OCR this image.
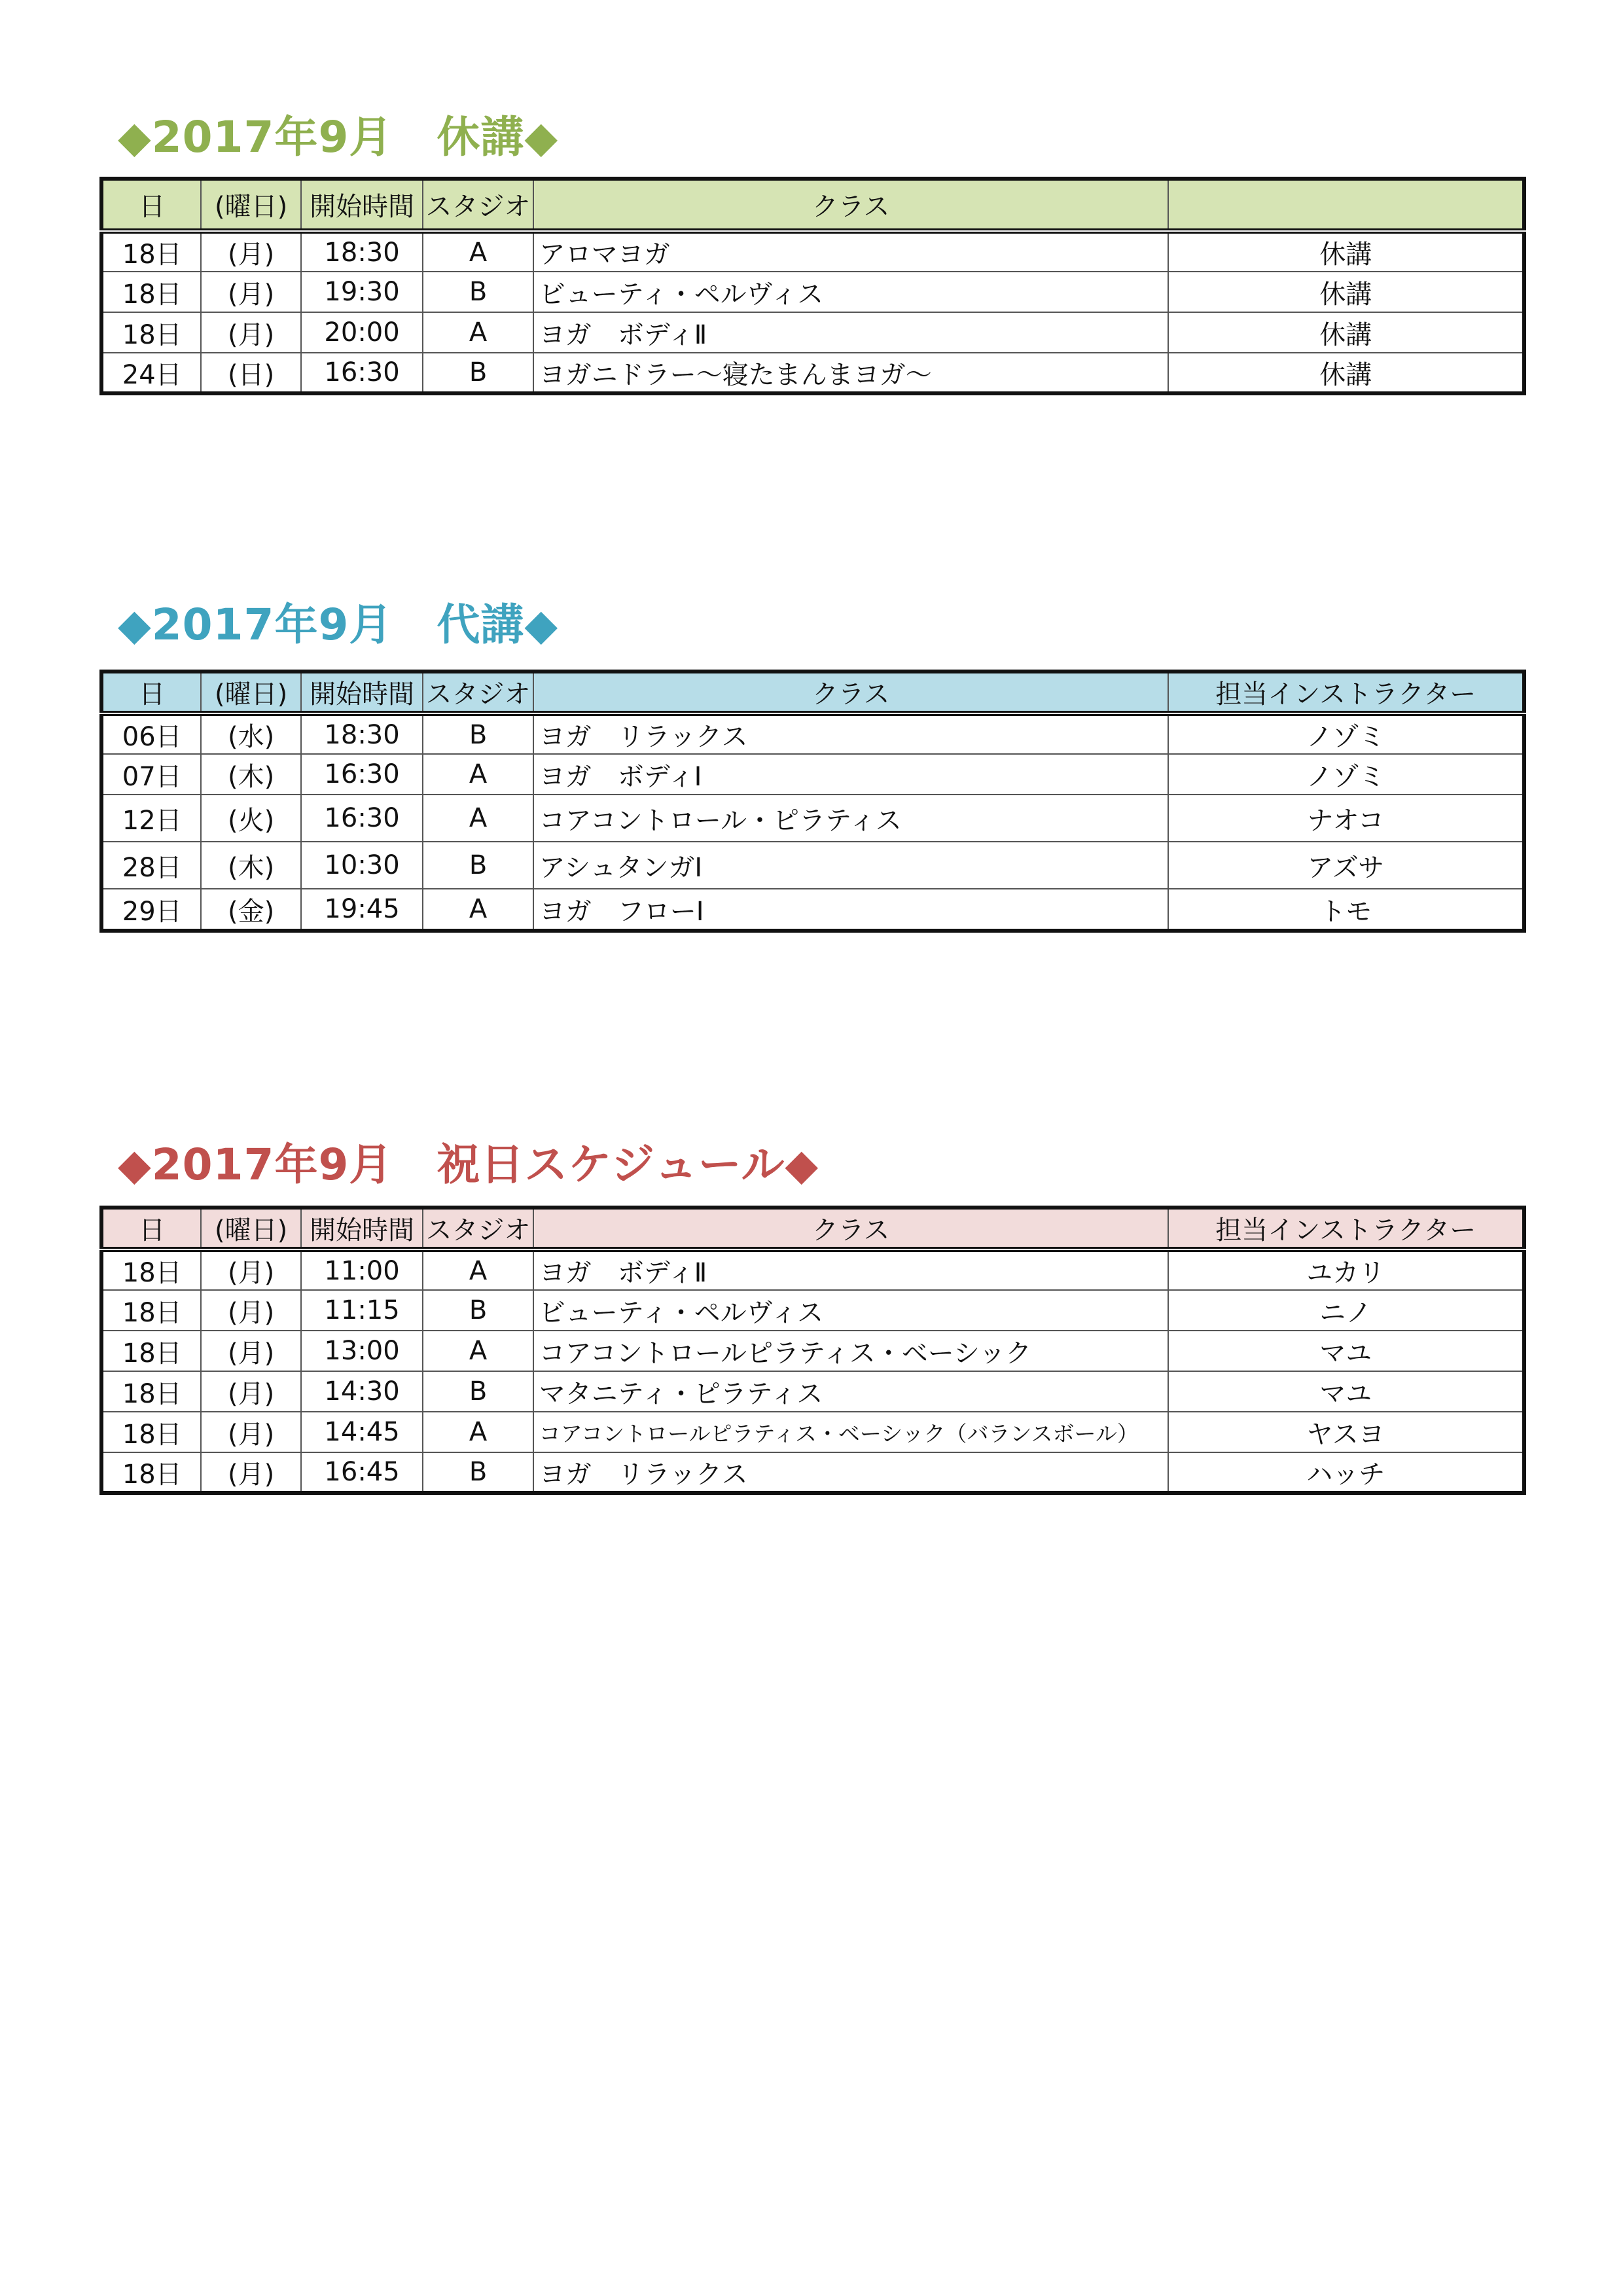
◆2017年9月　休講◆
日	(曜日)	開始時間	スタジオ	クラス	
18日	(月)	18:30	A	アロマヨガ	休講
18日	(月)	19:30	B	ビューティ・ペルヴィス	休講
18日	(月)	20:00	A	ヨガ　ボディⅡ	休講
24日	(日)	16:30	B	ヨガニドラー～寝たまんまヨガ～	休講
◆2017年9月　代講◆
日	(曜日)	開始時間	スタジオ	クラス	担当インストラクター
06日	(水)	18:30	B	ヨガ　リラックス	ノゾミ
07日	(木)	16:30	A	ヨガ　ボディⅠ	ノゾミ
12日	(火)	16:30	A	コアコントロール・ピラティス	ナオコ
28日	(木)	10:30	B	アシュタンガⅠ	アズサ
29日	(金)	19:45	A	ヨガ　フローⅠ	トモ
◆2017年9月　祝日スケジュール◆
日	(曜日)	開始時間	スタジオ	クラス	担当インストラクター
18日	(月)	11:00	A	ヨガ　ボディⅡ	ユカリ
18日	(月)	11:15	B	ビューティ・ペルヴィス	ニノ
18日	(月)	13:00	A	コアコントロールピラティス・ベーシック	マユ
18日	(月)	14:30	B	マタニティ・ピラティス	マユ
18日	(月)	14:45	A	コアコントロールピラティス・ベーシック（バランスボール）	ヤスヨ
18日	(月)	16:45	B	ヨガ　リラックス	ハッチ
